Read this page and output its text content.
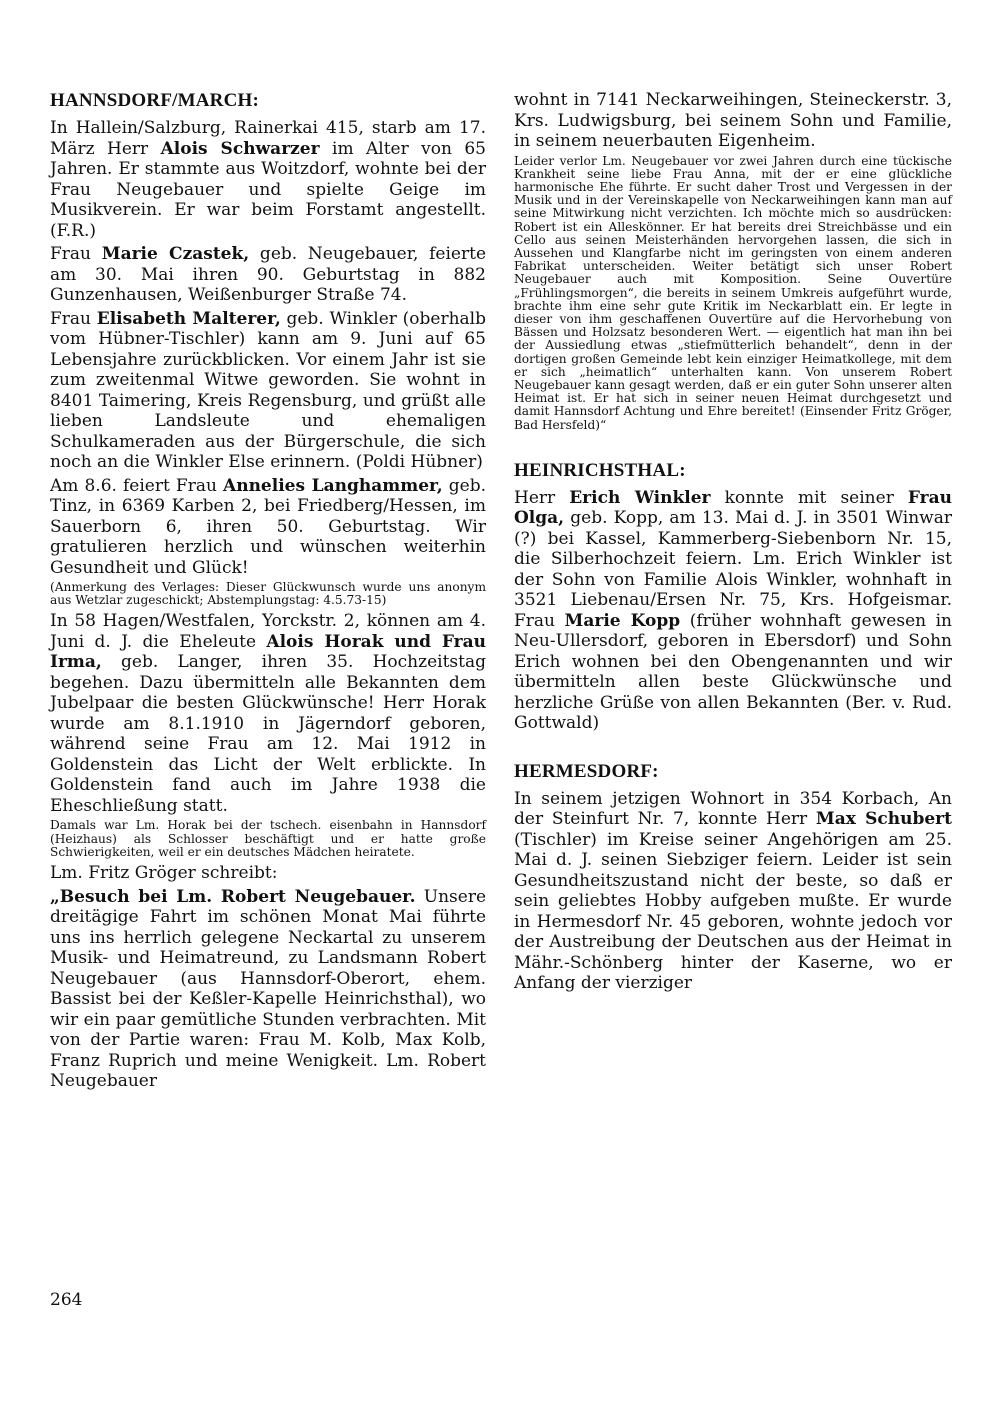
HANNSDORF/MARCH:

In Hallein/Salzburg, Rainerkai 415, starb am 17. März Herr Alois Schwarzer im Alter von 65 Jahren. Er stammte aus Woitzdorf, wohnte bei der Frau Neugebauer und spielte Geige im Musikverein. Er war beim Forstamt angestellt. (F.R.)

Frau Marie Czastek, geb. Neugebauer, feierte am 30. Mai ihren 90. Geburtstag in 882 Gunzenhausen, Weißenburger Straße 74.

Frau Elisabeth Malterer, geb. Winkler (oberhalb vom Hübner-Tischler) kann am 9. Juni auf 65 Lebensjahre zurückblicken. Vor einem Jahr ist sie zum zweitenmal Witwe geworden. Sie wohnt in 8401 Taimering, Kreis Regensburg, und grüßt alle lieben Landsleute und ehemaligen Schulkameraden aus der Bürgerschule, die sich noch an die Winkler Else erinnern. (Poldi Hübner)

Am 8.6. feiert Frau Annelies Langhammer, geb. Tinz, in 6369 Karben 2, bei Friedberg/Hessen, im Sauerborn 6, ihren 50. Geburtstag. Wir gratulieren herzlich und wünschen weiterhin Gesundheit und Glück!

(Anmerkung des Verlages: Dieser Glückwunsch wurde uns anonym aus Wetzlar zugeschickt; Abstemplungstag: 4.5.73-15)

In 58 Hagen/Westfalen, Yorckstr. 2, können am 4. Juni d. J. die Eheleute Alois Horak und Frau Irma, geb. Langer, ihren 35. Hochzeitstag begehen. Dazu übermitteln alle Bekannten dem Jubelpaar die besten Glückwünsche! Herr Horak wurde am 8.1.1910 in Jägerndorf geboren, während seine Frau am 12. Mai 1912 in Goldenstein das Licht der Welt erblickte. In Goldenstein fand auch im Jahre 1938 die Eheschließung statt.

Damals war Lm. Horak bei der tschech. eisenbahn in Hannsdorf (Heizhaus) als Schlosser beschäftigt und er hatte große Schwierigkeiten, weil er ein deutsches Mädchen heiratete.

Lm. Fritz Gröger schreibt:

„Besuch bei Lm. Robert Neugebauer. Unsere dreitägige Fahrt im schönen Monat Mai führte uns ins herrlich gelegene Neckartal zu unserem Musik- und Heimatreund, zu Landsmann Robert Neugebauer (aus Hannsdorf-Oberort, ehem. Bassist bei der Keßler-Kapelle Heinrichsthal), wo wir ein paar gemütliche Stunden verbrachten. Mit von der Partie waren: Frau M. Kolb, Max Kolb, Franz Ruprich und meine Wenigkeit. Lm. Robert Neugebauer

wohnt in 7141 Neckarweihingen, Steineckerstr. 3, Krs. Ludwigsburg, bei seinem Sohn und Familie, in seinem neuerbauten Eigenheim.

Leider verlor Lm. Neugebauer vor zwei Jahren durch eine tückische Krankheit seine liebe Frau Anna, mit der er eine glückliche harmonische Ehe führte. Er sucht daher Trost und Vergessen in der Musik und in der Vereinskapelle von Neckarweihingen kann man auf seine Mitwirkung nicht verzichten. Ich möchte mich so ausdrücken: Robert ist ein Alleskönner. Er hat bereits drei Streichbässe und ein Cello aus seinen Meisterhänden hervorgehen lassen, die sich in Aussehen und Klangfarbe nicht im geringsten von einem anderen Fabrikat unterscheiden. Weiter betätigt sich unser Robert Neugebauer auch mit Komposition. Seine Ouvertüre „Frühlingsmorgen“, die bereits in seinem Umkreis aufgeführt wurde, brachte ihm eine sehr gute Kritik im Neckarblatt ein. Er legte in dieser von ihm geschaffenen Ouvertüre auf die Hervorhebung von Bässen und Holzsatz besonderen Wert. — eigentlich hat man ihn bei der Aussiedlung etwas „stiefmütterlich behandelt“, denn in der dortigen großen Gemeinde lebt kein einziger Heimatkollege, mit dem er sich „heimatlich“ unterhalten kann. Von unserem Robert Neugebauer kann gesagt werden, daß er ein guter Sohn unserer alten Heimat ist. Er hat sich in seiner neuen Heimat durchgesetzt und damit Hannsdorf Achtung und Ehre bereitet! (Einsender Fritz Gröger, Bad Hersfeld)“

HEINRICHSTHAL:

Herr Erich Winkler konnte mit seiner Frau Olga, geb. Kopp, am 13. Mai d. J. in 3501 Winwar (?) bei Kassel, Kammerberg-Siebenborn Nr. 15, die Silberhochzeit feiern. Lm. Erich Winkler ist der Sohn von Familie Alois Winkler, wohnhaft in 3521 Liebenau/Ersen Nr. 75, Krs. Hofgeismar. Frau Marie Kopp (früher wohnhaft gewesen in Neu-Ullersdorf, geboren in Ebersdorf) und Sohn Erich wohnen bei den Obengenannten und wir übermitteln allen beste Glückwünsche und herzliche Grüße von allen Bekannten (Ber. v. Rud. Gottwald)

HERMESDORF:

In seinem jetzigen Wohnort in 354 Korbach, An der Steinfurt Nr. 7, konnte Herr Max Schubert (Tischler) im Kreise seiner Angehörigen am 25. Mai d. J. seinen Siebziger feiern. Leider ist sein Gesundheitszustand nicht der beste, so daß er sein geliebtes Hobby aufgeben mußte. Er wurde in Hermesdorf Nr. 45 geboren, wohnte jedoch vor der Austreibung der Deutschen aus der Heimat in Mähr.-Schönberg hinter der Kaserne, wo er Anfang der vierziger

264
